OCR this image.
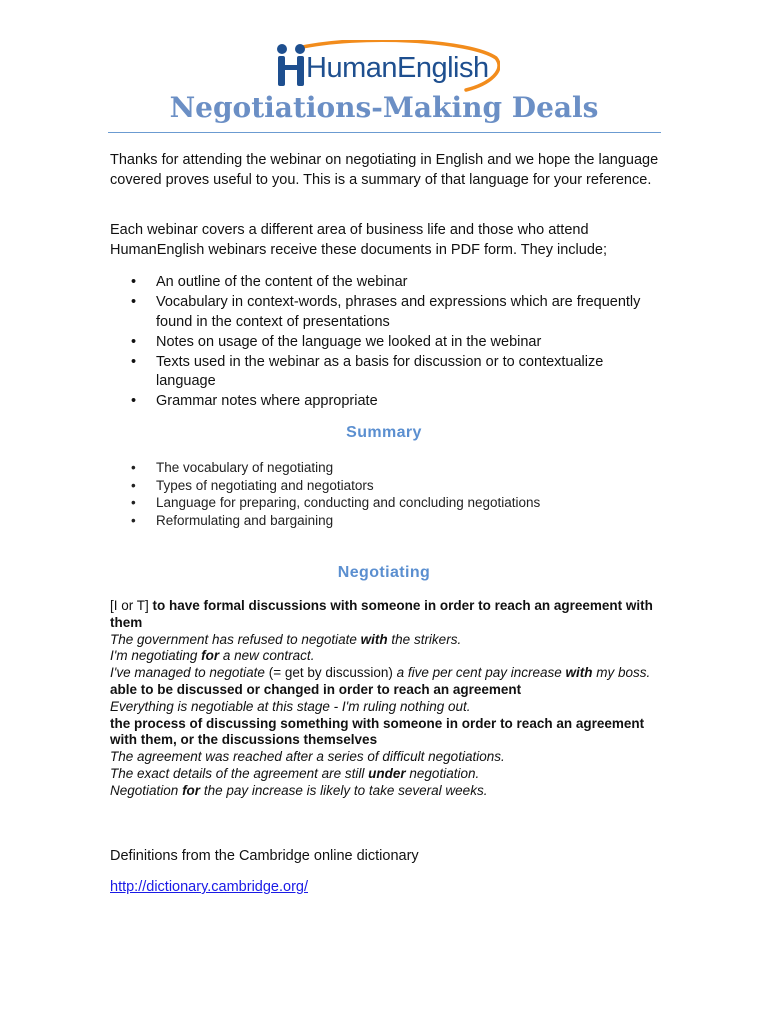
HumanEnglish
Negotiations-Making Deals

Thanks for attending the webinar on negotiating in English and we hope the language covered proves useful to you. This is a summary of that language for your reference.

Each webinar covers a different area of business life and those who attend HumanEnglish webinars receive these documents in PDF form. They include;

• An outline of the content of the webinar
• Vocabulary in context-words, phrases and expressions which are frequently found in the context of presentations
• Notes on usage of the language we looked at in the webinar
• Texts used in the webinar as a basis for discussion or to contextualize language
• Grammar notes where appropriate
Summary
• The vocabulary of negotiating
• Types of negotiating and negotiators
• Language for preparing, conducting and concluding negotiations
• Reformulating and bargaining
Negotiating
[I or T] to have formal discussions with someone in order to reach an agreement with them
The government has refused to negotiate with the strikers.
I'm negotiating for a new contract.
I've managed to negotiate (= get by discussion) a five per cent pay increase with my boss.
able to be discussed or changed in order to reach an agreement
Everything is negotiable at this stage - I'm ruling nothing out.
the process of discussing something with someone in order to reach an agreement with them, or the discussions themselves
The agreement was reached after a series of difficult negotiations.
The exact details of the agreement are still under negotiation.
Negotiation for the pay increase is likely to take several weeks.

Definitions from the Cambridge online dictionary

http://dictionary.cambridge.org/
